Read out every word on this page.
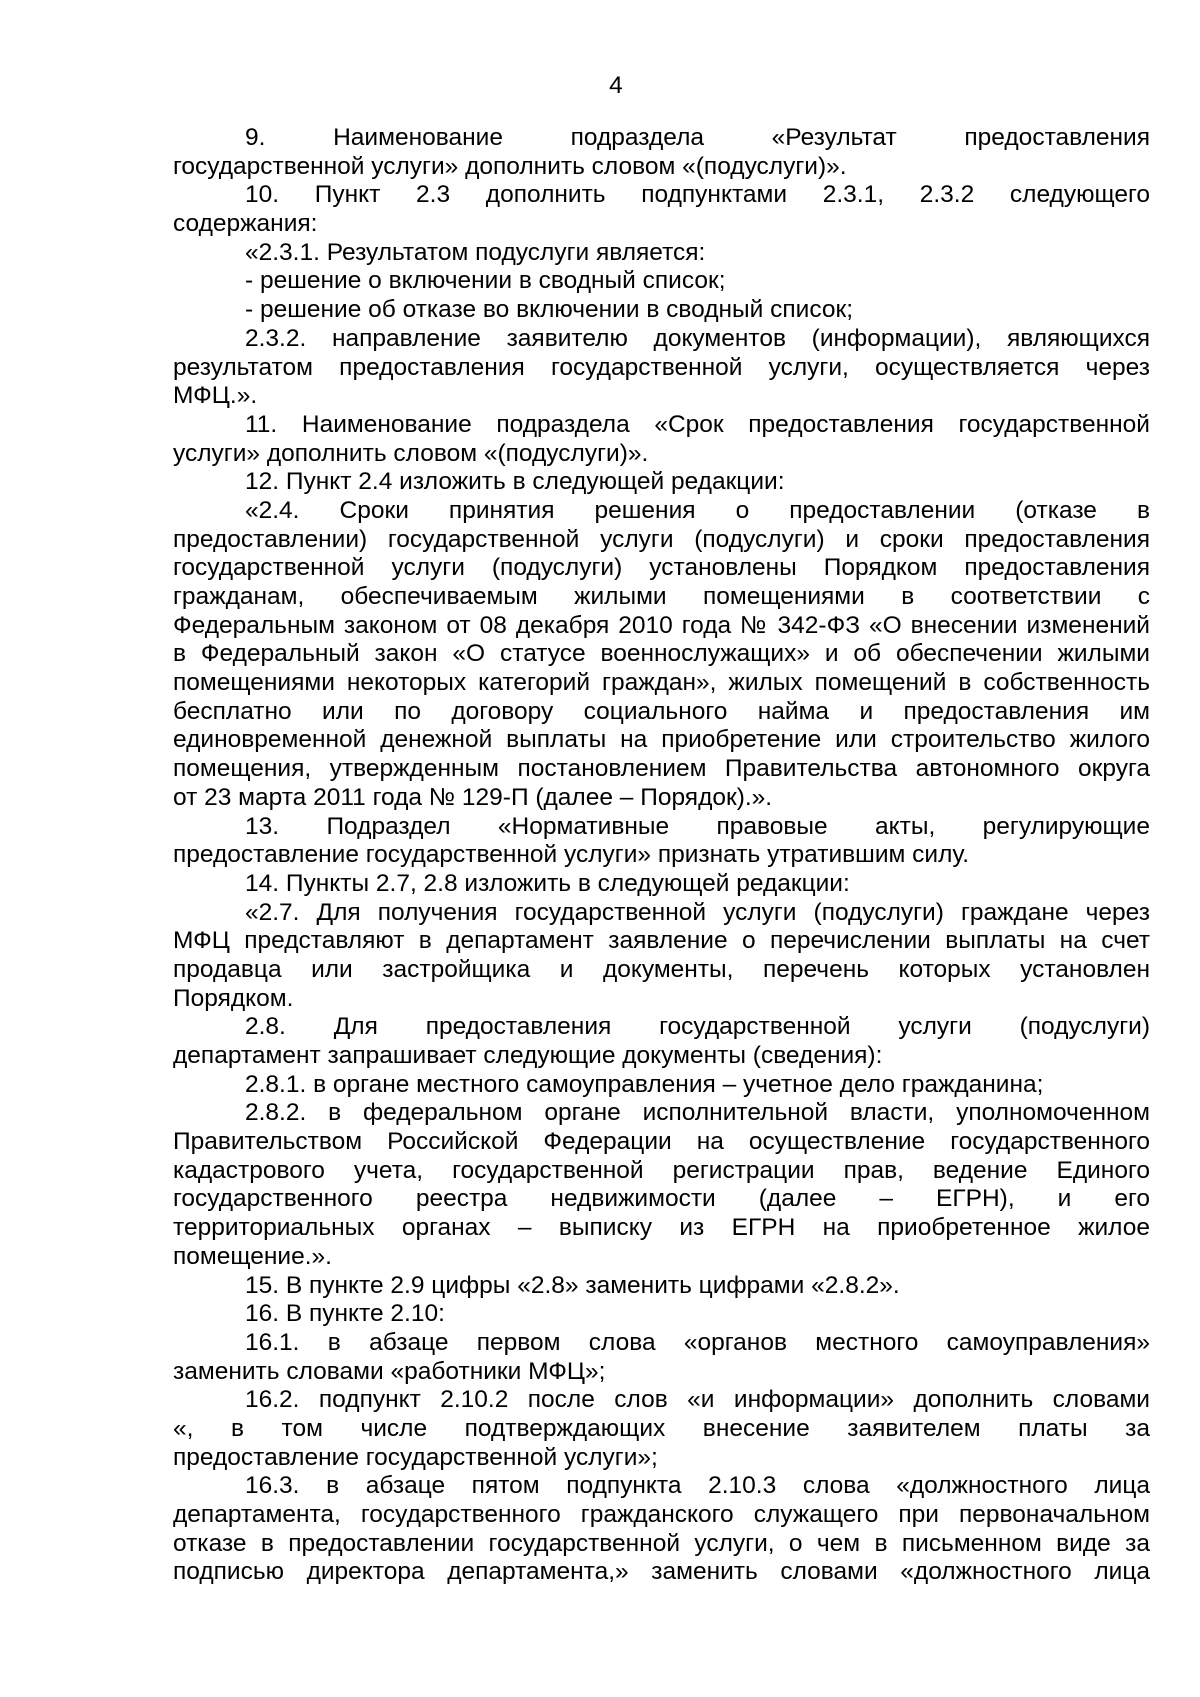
4
9. Наименование подраздела «Результат предоставления
государственной услуги» дополнить словом «(подуслуги)».
10. Пункт 2.3 дополнить подпунктами 2.3.1, 2.3.2 следующего
содержания:
«2.3.1. Результатом подуслуги является:
- решение о включении в сводный список;
- решение об отказе во включении в сводный список;
2.3.2. направление заявителю документов (информации), являющихся
результатом предоставления государственной услуги, осуществляется через
МФЦ.».
11. Наименование подраздела «Срок предоставления государственной
услуги» дополнить словом «(подуслуги)».
12. Пункт 2.4 изложить в следующей редакции:
«2.4. Сроки принятия решения о предоставлении (отказе в
предоставлении) государственной услуги (подуслуги) и сроки предоставления
государственной услуги (подуслуги) установлены Порядком предоставления
гражданам, обеспечиваемым жилыми помещениями в соответствии с
Федеральным законом от 08 декабря 2010 года № 342-ФЗ «О внесении изменений
в Федеральный закон «О статусе военнослужащих» и об обеспечении жилыми
помещениями некоторых категорий граждан», жилых помещений в собственность
бесплатно или по договору социального найма и предоставления им
единовременной денежной выплаты на приобретение или строительство жилого
помещения, утвержденным постановлением Правительства автономного округа
от 23 марта 2011 года № 129-П (далее – Порядок).».
13. Подраздел «Нормативные правовые акты, регулирующие
предоставление государственной услуги» признать утратившим силу.
14. Пункты 2.7, 2.8 изложить в следующей редакции:
«2.7. Для получения государственной услуги (подуслуги) граждане через
МФЦ представляют в департамент заявление о перечислении выплаты на счет
продавца или застройщика и документы, перечень которых установлен
Порядком.
2.8. Для предоставления государственной услуги (подуслуги)
департамент запрашивает следующие документы (сведения):
2.8.1. в органе местного самоуправления – учетное дело гражданина;
2.8.2. в федеральном органе исполнительной власти, уполномоченном
Правительством Российской Федерации на осуществление государственного
кадастрового учета, государственной регистрации прав, ведение Единого
государственного реестра недвижимости (далее – ЕГРН), и его
территориальных органах – выписку из ЕГРН на приобретенное жилое
помещение.».
15. В пункте 2.9 цифры «2.8» заменить цифрами «2.8.2».
16. В пункте 2.10:
16.1. в абзаце первом слова «органов местного самоуправления»
заменить словами «работники МФЦ»;
16.2. подпункт 2.10.2 после слов «и информации» дополнить словами
«, в том числе подтверждающих внесение заявителем платы за
предоставление государственной услуги»;
16.3. в абзаце пятом подпункта 2.10.3 слова «должностного лица
департамента, государственного гражданского служащего при первоначальном
отказе в предоставлении государственной услуги, о чем в письменном виде за
подписью директора департамента,» заменить словами «должностного лица
